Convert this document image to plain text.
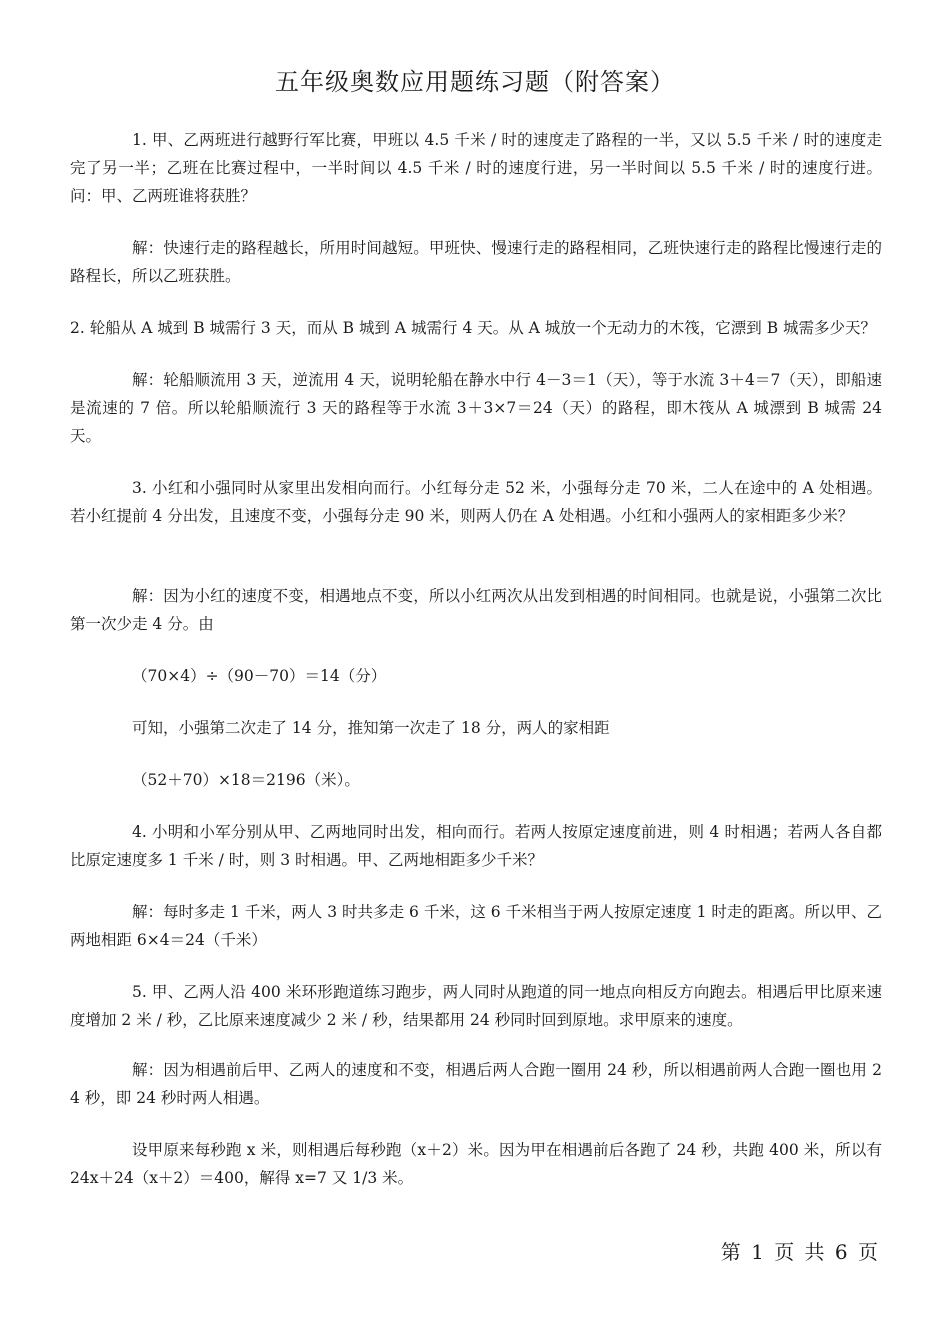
五年级奥数应用题练习题（附答案）

1. 甲、乙两班进行越野行军比赛，甲班以 4.5 千米 / 时的速度走了路程的一半，又以 5.5 千米 / 时的速度走完了另一半；乙班在比赛过程中，一半时间以 4.5 千米 / 时的速度行进，另一半时间以 5.5 千米 / 时的速度行进。问：甲、乙两班谁将获胜？

解：快速行走的路程越长，所用时间越短。甲班快、慢速行走的路程相同，乙班快速行走的路程比慢速行走的路程长，所以乙班获胜。

2. 轮船从 A 城到 B 城需行 3 天，而从 B 城到 A 城需行 4 天。从 A 城放一个无动力的木筏，它漂到 B 城需多少天？

解：轮船顺流用 3 天，逆流用 4 天，说明轮船在静水中行 4－3＝1（天），等于水流 3＋4＝7（天），即船速是流速的 7 倍。所以轮船顺流行 3 天的路程等于水流 3＋3×7＝24（天）的路程，即木筏从 A 城漂到 B 城需 24 天。

3. 小红和小强同时从家里出发相向而行。小红每分走 52 米，小强每分走 70 米，二人在途中的 A 处相遇。若小红提前 4 分出发，且速度不变，小强每分走 90 米，则两人仍在 A 处相遇。小红和小强两人的家相距多少米？

解：因为小红的速度不变，相遇地点不变，所以小红两次从出发到相遇的时间相同。也就是说，小强第二次比第一次少走 4 分。由

（70×4）÷（90－70）＝14（分）

可知，小强第二次走了 14 分，推知第一次走了 18 分，两人的家相距

（52＋70）×18＝2196（米）。

4. 小明和小军分别从甲、乙两地同时出发，相向而行。若两人按原定速度前进，则 4 时相遇；若两人各自都比原定速度多 1 千米 / 时，则 3 时相遇。甲、乙两地相距多少千米？

解：每时多走 1 千米，两人 3 时共多走 6 千米，这 6 千米相当于两人按原定速度 1 时走的距离。所以甲、乙两地相距 6×4＝24（千米）

5. 甲、乙两人沿 400 米环形跑道练习跑步，两人同时从跑道的同一地点向相反方向跑去。相遇后甲比原来速度增加 2 米 / 秒，乙比原来速度减少 2 米 / 秒，结果都用 24 秒同时回到原地。求甲原来的速度。

解：因为相遇前后甲、乙两人的速度和不变，相遇后两人合跑一圈用 24 秒，所以相遇前两人合跑一圈也用 24 秒，即 24 秒时两人相遇。

设甲原来每秒跑 x 米，则相遇后每秒跑（x＋2）米。因为甲在相遇前后各跑了 24 秒，共跑 400 米，所以有 24x＋24（x＋2）＝400，解得 x=7 又 1/3 米。

第 1 页 共 6 页
